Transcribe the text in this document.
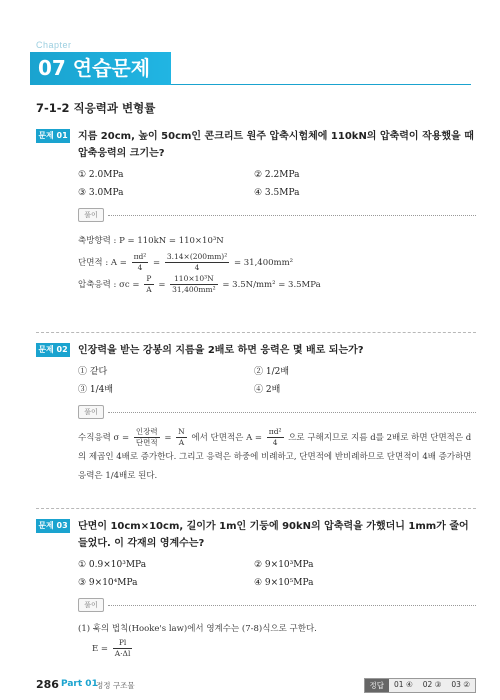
Chapter
07 연습문제
7-1-2 직응력과 변형률
문제 01 지름 20cm, 높이 50cm인 콘크리트 원주 압축시험체에 110kN의 압축력이 작용했을 때 압축응력의 크기는?
① 2.0MPa	② 2.2MPa
③ 3.0MPa	④ 3.5MPa
풀이
축방향력 : P = 110kN = 110×10³N
단면적 : $A = \frac{\text{πd²}}{4} = \frac{\text{3.14×(200mm)²}}{4} = 31,400mm^2$
압축응력 : $\sigma c = \frac{P}{A} = \frac{\text{110×10³N}}{\text{31,400mm²}} = 3.5N/mm^2 = 3.5MPa$
문제 02 인장력을 받는 강봉의 지름을 2배로 하면 응력은 몇 배로 되는가?
① 같다	② 1/2배
③ 1/4배	④ 2배
풀이
수직응력 $\sigma = \frac{\text{인장력}}{\text{단면적}} = \frac{N}{A}$ 에서 단면적은 $A = \frac{\text{πd²}}{4}$ 으로 구해지므로 지름 d를 2배로 하면 단면적은 d의 제곱인 4배로 증가한다. 그리고 응력은 하중에 비례하고, 단면적에 반비례하므로 단면적이 4배 증가하면 응력은 1/4배로 된다.
문제 03 단면이 10cm×10cm, 길이가 1m인 기둥에 90kN의 압축력을 가했더니 1mm가 줄어들었다. 이 각재의 영계수는?
① 0.9×10³MPa	② 9×10³MPa
③ 9×10⁴MPa	④ 9×10⁵MPa
풀이
(1) 훅의 법칙(Hooke's law)에서 영계수는 (7-8)식으로 구한다.
$E = \frac{Pl}{A\cdot\Delta l}$
286 Part 01
정정 구조물	정답	01 ④	02 ③	03 ②
